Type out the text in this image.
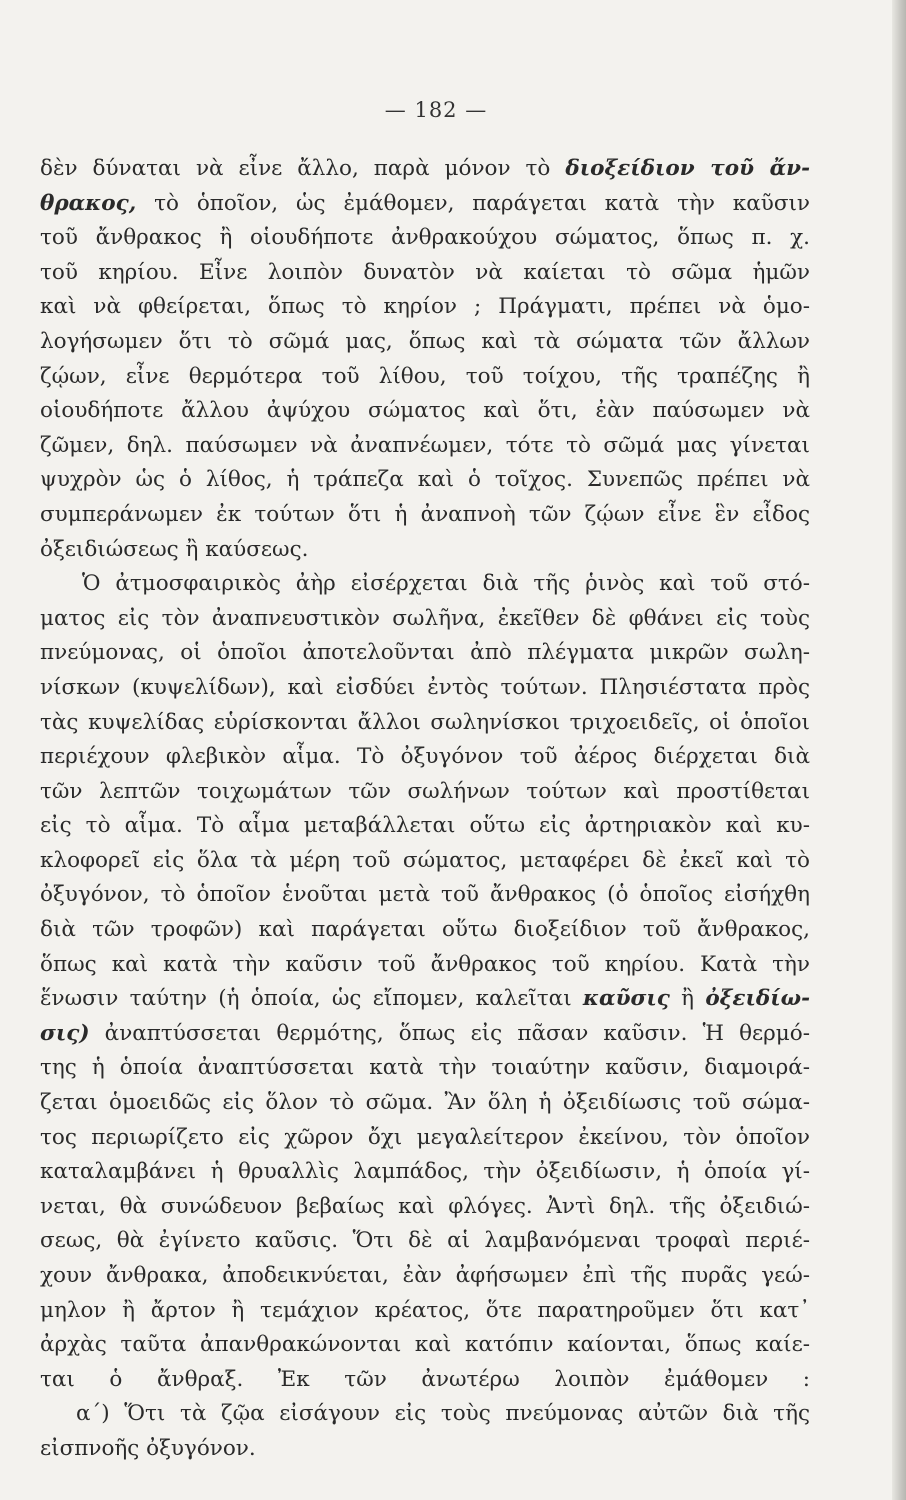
— 182 —
δὲν δύναται νὰ εἶνε ἄλλο, παρὰ μόνον τὸ διοξείδιον τοῦ ἄν-
θρακος, τὸ ὁποῖον, ὡς ἐμάθομεν, παράγεται κατὰ τὴν καῦσιν
τοῦ ἄνθρακος ἢ οἱουδήποτε ἀνθρακούχου σώματος, ὅπως π. χ.
τοῦ κηρίου. Εἶνε λοιπὸν δυνατὸν νὰ καίεται τὸ σῶμα ἡμῶν
καὶ νὰ φθείρεται, ὅπως τὸ κηρίον ; Πράγματι, πρέπει νὰ ὁμο-
λογήσωμεν ὅτι τὸ σῶμά μας, ὅπως καὶ τὰ σώματα τῶν ἄλλων
ζῴων, εἶνε θερμότερα τοῦ λίθου, τοῦ τοίχου, τῆς τραπέζης ἢ
οἱουδήποτε ἄλλου ἀψύχου σώματος καὶ ὅτι, ἐὰν παύσωμεν νὰ
ζῶμεν, δηλ. παύσωμεν νὰ ἀναπνέωμεν, τότε τὸ σῶμά μας γίνεται
ψυχρὸν ὡς ὁ λίθος, ἡ τράπεζα καὶ ὁ τοῖχος. Συνεπῶς πρέπει νὰ
συμπεράνωμεν ἐκ τούτων ὅτι ἡ ἀναπνοὴ τῶν ζῴων εἶνε ἓν εἶδος
ὀξειδιώσεως ἢ καύσεως.
Ὁ ἀτμοσφαιρικὸς ἀὴρ εἰσέρχεται διὰ τῆς ῥινὸς καὶ τοῦ στό-
ματος εἰς τὸν ἀναπνευστικὸν σωλῆνα, ἐκεῖθεν δὲ φθάνει εἰς τοὺς
πνεύμονας, οἱ ὁποῖοι ἀποτελοῦνται ἀπὸ πλέγματα μικρῶν σωλη-
νίσκων (κυψελίδων), καὶ εἰσδύει ἐντὸς τούτων. Πλησιέστατα πρὸς
τὰς κυψελίδας εὑρίσκονται ἄλλοι σωληνίσκοι τριχοειδεῖς, οἱ ὁποῖοι
περιέχουν φλεβικὸν αἷμα. Τὸ ὀξυγόνον τοῦ ἀέρος διέρχεται διὰ
τῶν λεπτῶν τοιχωμάτων τῶν σωλήνων τούτων καὶ προστίθεται
εἰς τὸ αἷμα. Τὸ αἷμα μεταβάλλεται οὕτω εἰς ἀρτηριακὸν καὶ κυ-
κλοφορεῖ εἰς ὅλα τὰ μέρη τοῦ σώματος, μεταφέρει δὲ ἐκεῖ καὶ τὸ
ὀξυγόνον, τὸ ὁποῖον ἑνοῦται μετὰ τοῦ ἄνθρακος (ὁ ὁποῖος εἰσήχθη
διὰ τῶν τροφῶν) καὶ παράγεται οὕτω διοξείδιον τοῦ ἄνθρακος,
ὅπως καὶ κατὰ τὴν καῦσιν τοῦ ἄνθρακος τοῦ κηρίου. Κατὰ τὴν
ἕνωσιν ταύτην (ἡ ὁποία, ὡς εἴπομεν, καλεῖται καῦσις ἢ ὀξειδίω-
σις) ἀναπτύσσεται θερμότης, ὅπως εἰς πᾶσαν καῦσιν. Ἡ θερμό-
της ἡ ὁποία ἀναπτύσσεται κατὰ τὴν τοιαύτην καῦσιν, διαμοιρά-
ζεται ὁμοειδῶς εἰς ὅλον τὸ σῶμα. Ἂν ὅλη ἡ ὀξειδίωσις τοῦ σώμα-
τος περιωρίζετο εἰς χῶρον ὄχι μεγαλείτερον ἐκείνου, τὸν ὁποῖον
καταλαμβάνει ἡ θρυαλλὶς λαμπάδος, τὴν ὀξειδίωσιν, ἡ ὁποία γί-
νεται, θὰ συνώδευον βεβαίως καὶ φλόγες. Ἀντὶ δηλ. τῆς ὀξειδιώ-
σεως, θὰ ἐγίνετο καῦσις. Ὅτι δὲ αἱ λαμβανόμεναι τροφαὶ περιέ-
χουν ἄνθρακα, ἀποδεικνύεται, ἐὰν ἀφήσωμεν ἐπὶ τῆς πυρᾶς γεώ-
μηλον ἢ ἄρτον ἢ τεμάχιον κρέατος, ὅτε παρατηροῦμεν ὅτι κατ᾿
ἀρχὰς ταῦτα ἀπανθρακώνονται καὶ κατόπιν καίονται, ὅπως καίε-
ται ὁ ἄνθραξ. Ἐκ τῶν ἀνωτέρω λοιπὸν ἐμάθομεν :
α΄) Ὅτι τὰ ζῷα εἰσάγουν εἰς τοὺς πνεύμονας αὐτῶν διὰ τῆς
εἰσπνοῆς ὀξυγόνον.
